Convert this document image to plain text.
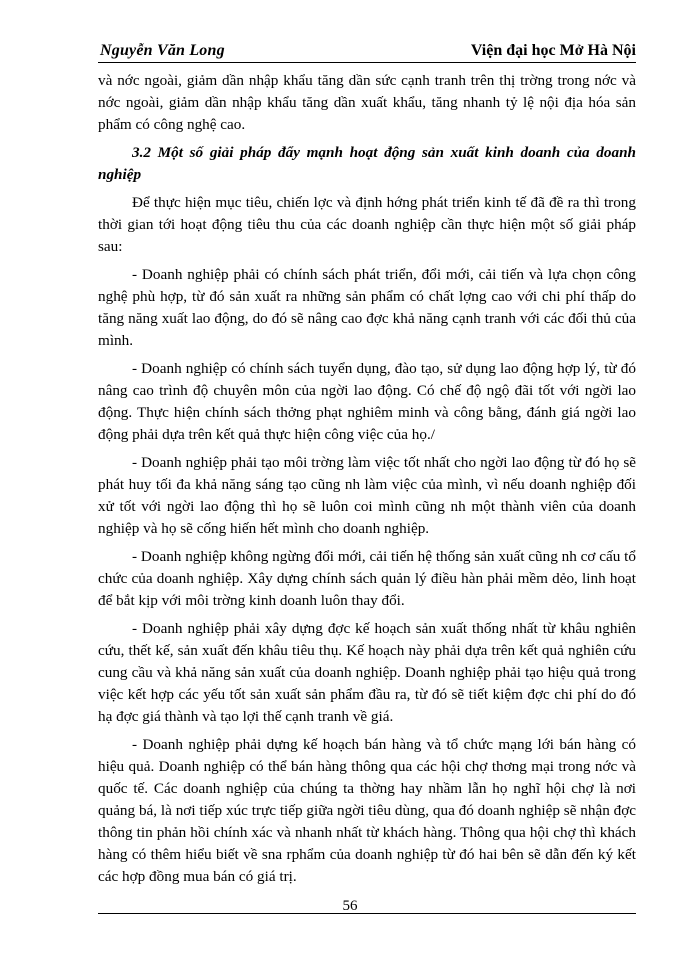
Nguyễn Văn Long	Viện đại học Mở Hà Nội

và nớc ngoài, giảm dần nhập khẩu tăng dần sức cạnh tranh trên thị trờng trong nớc và nớc ngoài, giảm dần nhập khẩu tăng dần xuất khẩu, tăng nhanh tỷ lệ nội địa hóa sản phẩm có công nghệ cao.

3.2 Một số giải pháp đẩy mạnh hoạt động sản xuất kinh doanh của doanh nghiệp

Để thực hiện mục tiêu, chiến lợc và định hớng phát triển kinh tế đã đề ra thì trong thời gian tới hoạt động tiêu thu của các doanh nghiệp cần thực hiện một số giải pháp sau:

- Doanh nghiệp phải có chính sách phát triển, đổi mới, cải tiến và lựa chọn công nghệ phù hợp, từ đó sản xuất ra những sản phẩm có chất lợng cao với chi phí thấp do tăng năng xuất lao động, do đó sẽ nâng cao đợc khả năng cạnh tranh với các đối thủ của mình.

- Doanh nghiệp có chính sách tuyển dụng, đào tạo, sử dụng lao động hợp lý, từ đó nâng cao trình độ chuyên môn của ngời lao động. Có chế độ ngộ đãi tốt với ngời lao động. Thực hiện chính sách thởng phạt nghiêm minh và công bằng, đánh giá ngời lao động phải dựa trên kết quả thực hiện công việc của họ./

- Doanh nghiệp phải tạo môi trờng làm việc tốt nhất cho ngời lao động từ đó họ sẽ phát huy tối đa khả năng sáng tạo cũng nh làm việc của mình, vì nếu doanh nghiệp đối xử tốt với ngời lao động thì họ sẽ luôn coi mình cũng nh một thành viên của doanh nghiệp và họ sẽ cống hiến hết mình cho doanh nghiệp.

- Doanh nghiệp không ngừng đổi mới, cải tiến hệ thống sản xuất cũng nh cơ cấu tổ chức của doanh nghiệp. Xây dựng chính sách quản lý điều hàn phải mềm dẻo, linh hoạt để bắt kịp với môi trờng kinh doanh luôn thay đổi.

- Doanh nghiệp phải xây dựng đợc kế hoạch sản xuất thống nhất từ khâu nghiên cứu, thết kế, sản xuất đến khâu tiêu thụ. Kế hoạch này phải dựa trên kết quả nghiên cứu cung cầu và khả năng sản xuất của doanh nghiệp. Doanh nghiệp phải tạo hiệu quả trong việc kết hợp các yếu tốt sản xuất sản phẩm đầu ra, từ đó sẽ tiết kiệm đợc chi phí do đó hạ đợc giá thành và tạo lợi thế cạnh tranh về giá.

- Doanh nghiệp phải dựng kế hoạch bán hàng và tổ chức mạng lới bán hàng có hiệu quả. Doanh nghiệp có thể bán hàng thông qua các hội chợ thơng mại trong nớc và quốc tế. Các doanh nghiệp của chúng ta thờng hay nhầm lẫn họ nghĩ hội chợ là nơi quảng bá, là nơi tiếp xúc trực tiếp giữa ngời tiêu dùng, qua đó doanh nghiệp sẽ nhận đợc thông tin phản hồi chính xác và nhanh nhất từ khách hàng. Thông qua hội chợ thì khách hàng có thêm hiểu biết về sna rphẩm của doanh nghiệp từ đó hai bên sẽ dẫn đến ký kết các hợp đồng mua bán có giá trị.

56
